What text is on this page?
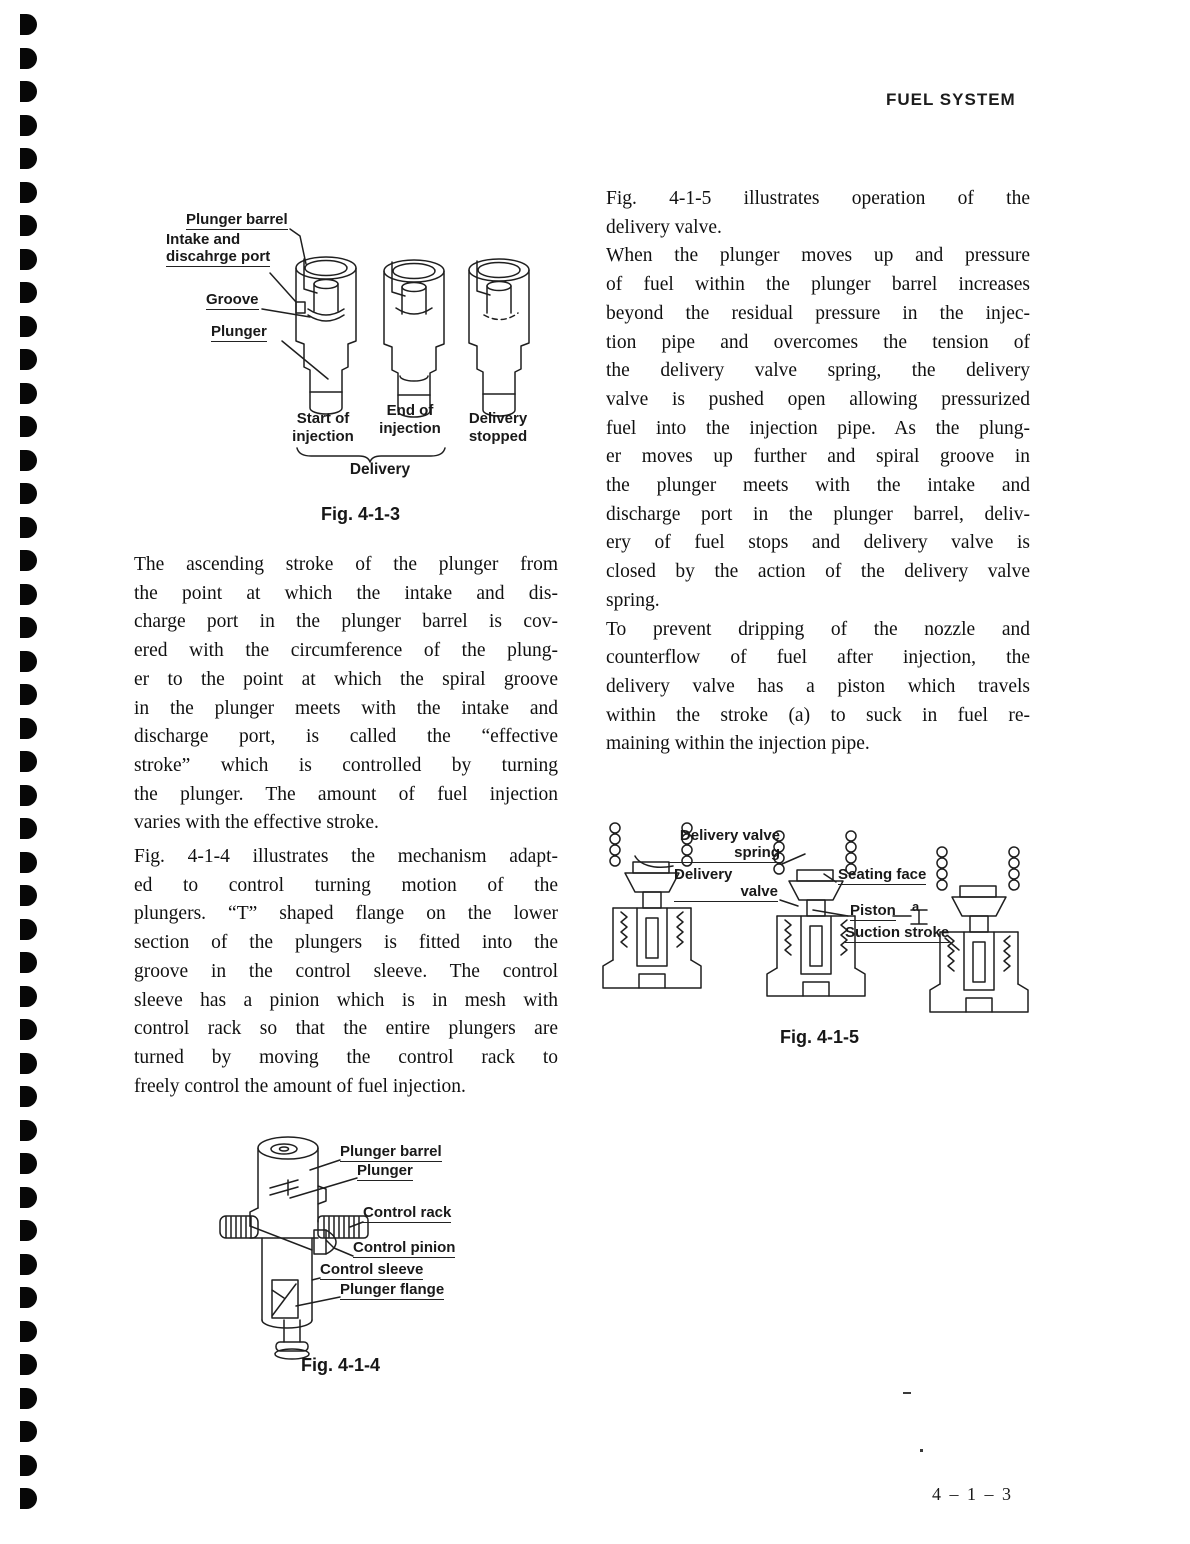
FUEL SYSTEM
Plunger barrel
Intake and
discahrge port
Groove
Plunger
Start of
injection
End of
injection
Delivery
stopped
Delivery
Fig. 4-1-3
The ascending stroke of the plunger from
the point at which the intake and dis-
charge port in the plunger barrel is cov-
ered with the circumference of the plung-
er to the point at which the spiral groove
in the plunger meets with the intake and
discharge port, is called the “effective
stroke” which is controlled by turning
the plunger. The amount of fuel injection
varies with the effective stroke.
Fig. 4-1-4 illustrates the mechanism adapt-
ed to control turning motion of the
plungers. “T” shaped flange on the lower
section of the plungers is fitted into the
groove in the control sleeve. The control
sleeve has a pinion which is in mesh with
control rack so that the entire plungers are
turned by moving the control rack to
freely control the amount of fuel injection.
Fig. 4-1-5 illustrates operation of the
delivery valve.
When the plunger moves up and pressure
of fuel within the plunger barrel increases
beyond the residual pressure in the injec-
tion pipe and overcomes the tension of
the delivery valve spring, the delivery
valve is pushed open allowing pressurized
fuel into the injection pipe. As the plung-
er moves up further and spiral groove in
the plunger meets with the intake and
discharge port in the plunger barrel, deliv-
ery of fuel stops and delivery valve is
closed by the action of the delivery valve
spring.
To prevent dripping of the nozzle and
counterflow of fuel after injection, the
delivery valve has a piston which travels
within the stroke (a) to suck in fuel re-
maining within the injection pipe.
Delivery valve
spring
Delivery
valve
Seating face
Piston
Suction stroke
a
Fig. 4-1-5
Plunger barrel
Plunger
Control rack
Control pinion
Control sleeve
Plunger flange
Fig. 4-1-4
4 – 1 – 3
